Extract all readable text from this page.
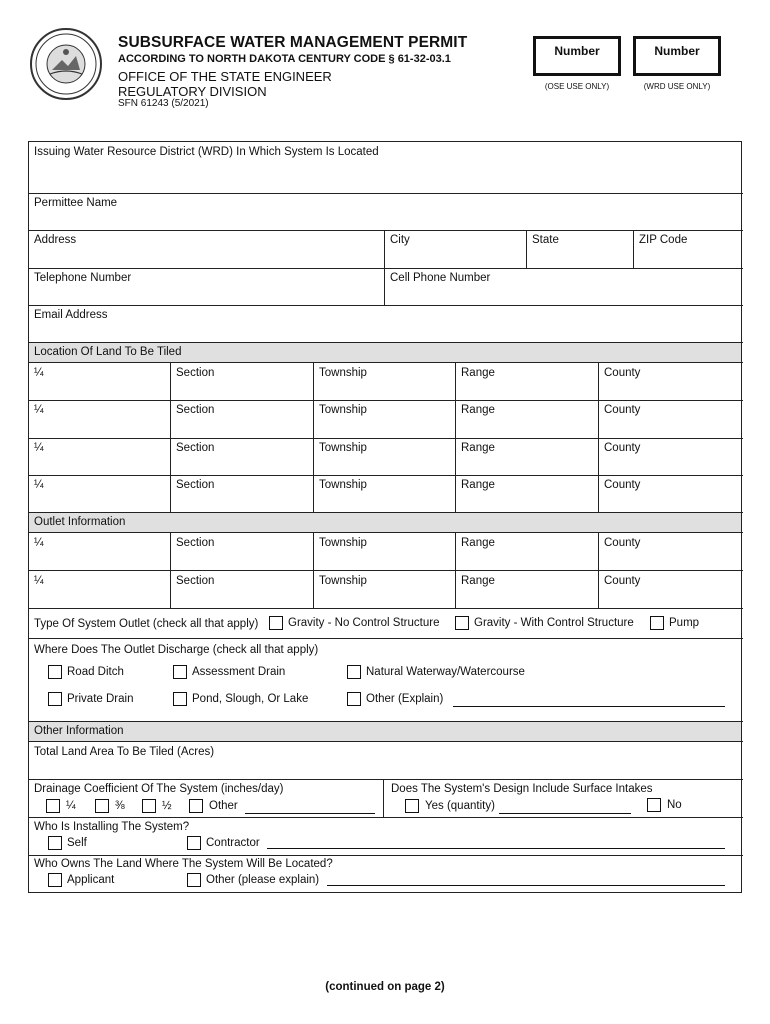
SUBSURFACE WATER MANAGEMENT PERMIT
ACCORDING TO NORTH DAKOTA CENTURY CODE § 61-32-03.1
OFFICE OF THE STATE ENGINEER
REGULATORY DIVISION
SFN 61243 (5/2021)
Number
(OSE USE ONLY)
Number
(WRD USE ONLY)
Issuing Water Resource District (WRD) In Which System Is Located
Permittee Name
Address	City	State	ZIP Code
Telephone Number	Cell Phone Number
Email Address
Location Of Land To Be Tiled
¼	Section	Township	Range	County
¼	Section	Township	Range	County
¼	Section	Township	Range	County
¼	Section	Township	Range	County
Outlet Information
¼	Section	Township	Range	County
¼	Section	Township	Range	County
Type Of System Outlet (check all that apply)	Gravity - No Control Structure	Gravity - With Control Structure	Pump
Where Does The Outlet Discharge (check all that apply)
Road Ditch	Assessment Drain	Natural Waterway/Watercourse
Private Drain	Pond, Slough, Or Lake	Other (Explain)
Other Information
Total Land Area To Be Tiled (Acres)
Drainage Coefficient Of The System (inches/day)
¼	⅜	½	Other
Does The System's Design Include Surface Intakes
Yes (quantity)	No
Who Is Installing The System?
Self	Contractor
Who Owns The Land Where The System Will Be Located?
Applicant	Other (please explain)
(continued on page 2)
